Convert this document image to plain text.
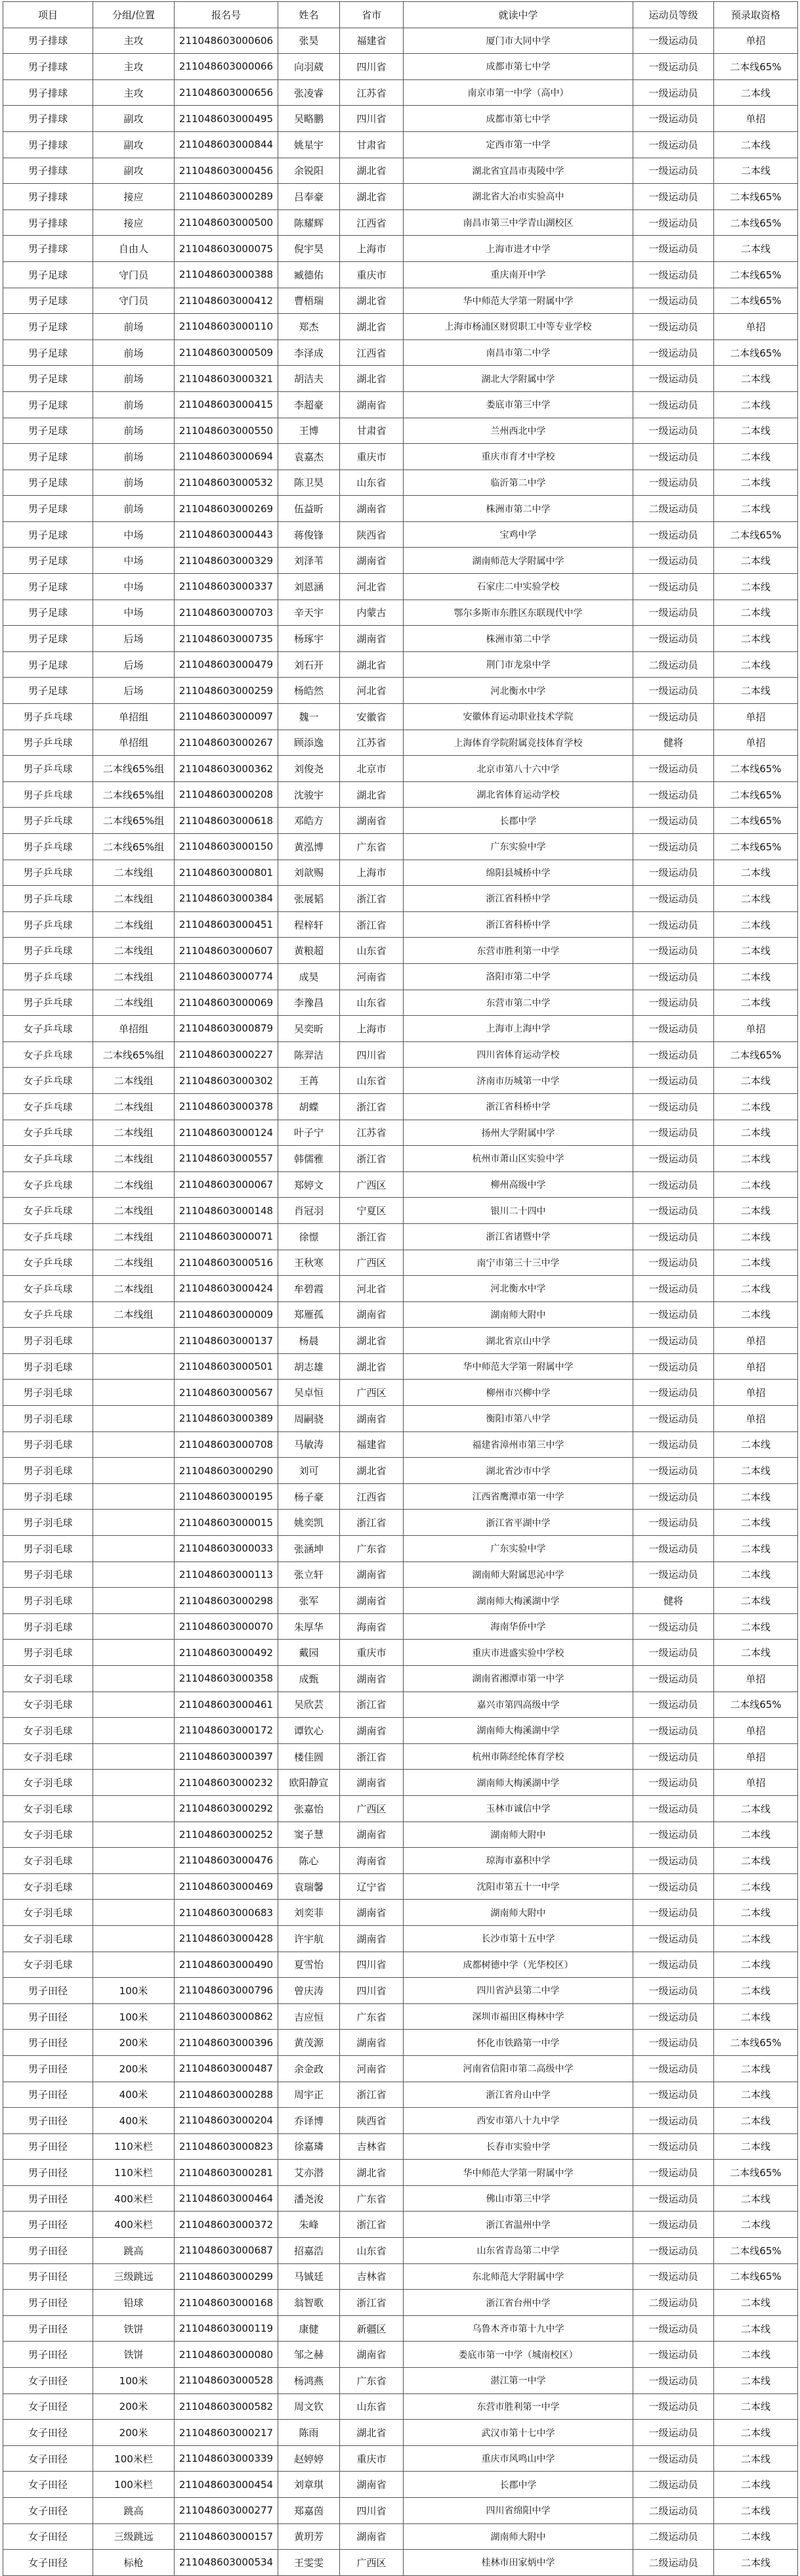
项目	分组/位置	报名号	姓名	省市	就读中学	运动员等级	预录取资格
男子排球	主攻	211048603000606	张昊	福建省	厦门市大同中学	一级运动员	单招
男子排球	主攻	211048603000066	向羽葳	四川省	成都市第七中学	一级运动员	二本线65%
男子排球	主攻	211048603000656	张凌睿	江苏省	南京市第一中学（高中）	一级运动员	二本线
男子排球	副攻	211048603000495	吴略鹏	四川省	成都市第七中学	一级运动员	单招
男子排球	副攻	211048603000844	姚星宇	甘肃省	定西市第一中学	一级运动员	二本线
男子排球	副攻	211048603000456	余锐阳	湖北省	湖北省宜昌市夷陵中学	一级运动员	二本线
男子排球	接应	211048603000289	吕奉豪	湖北省	湖北省大冶市实验高中	一级运动员	二本线65%
男子排球	接应	211048603000500	陈耀辉	江西省	南昌市第三中学青山湖校区	一级运动员	二本线65%
男子排球	自由人	211048603000075	倪宇昊	上海市	上海市进才中学	一级运动员	二本线
男子足球	守门员	211048603000388	臧德佑	重庆市	重庆南开中学	一级运动员	二本线65%
男子足球	守门员	211048603000412	曹梧瑞	湖北省	华中师范大学第一附属中学	一级运动员	二本线65%
男子足球	前场	211048603000110	郑杰	湖北省	上海市杨浦区财贸职工中等专业学校	一级运动员	单招
男子足球	前场	211048603000509	李泽成	江西省	南昌市第二中学	一级运动员	二本线65%
男子足球	前场	211048603000321	胡洁夫	湖北省	湖北大学附属中学	一级运动员	二本线
男子足球	前场	211048603000415	李超豪	湖南省	娄底市第三中学	一级运动员	二本线
男子足球	前场	211048603000550	王博	甘肃省	兰州西北中学	一级运动员	二本线
男子足球	前场	211048603000694	袁嘉杰	重庆市	重庆市育才中学校	一级运动员	二本线
男子足球	前场	211048603000532	陈卫昊	山东省	临沂第二中学	一级运动员	二本线
男子足球	前场	211048603000269	伍益昕	湖南省	株洲市第二中学	二级运动员	二本线
男子足球	中场	211048603000443	蒋俊锋	陕西省	宝鸡中学	一级运动员	二本线65%
男子足球	中场	211048603000329	刘泽苇	湖南省	湖南师范大学附属中学	一级运动员	二本线
男子足球	中场	211048603000337	刘恩涵	河北省	石家庄二中实验学校	一级运动员	二本线
男子足球	中场	211048603000703	辛天宇	内蒙古	鄂尔多斯市东胜区东联现代中学	一级运动员	二本线
男子足球	后场	211048603000735	杨琢宇	湖南省	株洲市第二中学	一级运动员	二本线
男子足球	后场	211048603000479	刘石开	湖北省	荆门市龙泉中学	二级运动员	二本线
男子足球	后场	211048603000259	杨皓然	河北省	河北衡水中学	一级运动员	二本线
男子乒乓球	单招组	211048603000097	魏一	安徽省	安徽体育运动职业技术学院	一级运动员	单招
男子乒乓球	单招组	211048603000267	顾添逸	江苏省	上海体育学院附属竞技体育学校	健将	单招
男子乒乓球	二本线65%组	211048603000362	刘俊尧	北京市	北京市第八十六中学	一级运动员	二本线65%
男子乒乓球	二本线65%组	211048603000208	沈骏宇	湖北省	湖北省体育运动学校	一级运动员	二本线65%
男子乒乓球	二本线65%组	211048603000618	邓皓方	湖南省	长郡中学	一级运动员	二本线65%
男子乒乓球	二本线65%组	211048603000150	黄泓博	广东省	广东实验中学	一级运动员	二本线65%
男子乒乓球	二本线组	211048603000801	刘歆赐	上海市	绵阳县城桥中学	一级运动员	二本线
男子乒乓球	二本线组	211048603000384	张展韬	浙江省	浙江省科桥中学	一级运动员	二本线
男子乒乓球	二本线组	211048603000451	程梓轩	浙江省	浙江省科桥中学	一级运动员	二本线
男子乒乓球	二本线组	211048603000607	黄粮超	山东省	东营市胜利第一中学	一级运动员	二本线
男子乒乓球	二本线组	211048603000774	成昊	河南省	洛阳市第二中学	一级运动员	二本线
男子乒乓球	二本线组	211048603000069	李豫昌	山东省	东营市第二中学	一级运动员	二本线
女子乒乓球	单招组	211048603000879	吴奕昕	上海市	上海市上海中学	一级运动员	单招
女子乒乓球	二本线65%组	211048603000227	陈羿洁	四川省	四川省体育运动学校	一级运动员	二本线65%
女子乒乓球	二本线组	211048603000302	王苒	山东省	济南市历城第一中学	一级运动员	二本线
女子乒乓球	二本线组	211048603000378	胡蝶	浙江省	浙江省科桥中学	一级运动员	二本线
女子乒乓球	二本线组	211048603000124	叶子宁	江苏省	扬州大学附属中学	一级运动员	二本线
女子乒乓球	二本线组	211048603000557	韩儒雅	浙江省	杭州市萧山区实验中学	一级运动员	二本线
女子乒乓球	二本线组	211048603000067	郑婷文	广西区	柳州高级中学	一级运动员	二本线
女子乒乓球	二本线组	211048603000148	肖冠羽	宁夏区	银川二十四中	一级运动员	二本线
女子乒乓球	二本线组	211048603000071	徐憬	浙江省	浙江省诸暨中学	一级运动员	二本线
女子乒乓球	二本线组	211048603000516	王秋寒	广西区	南宁市第三十三中学	一级运动员	二本线
女子乒乓球	二本线组	211048603000424	牟碧霞	河北省	河北衡水中学	一级运动员	二本线
女子乒乓球	二本线组	211048603000009	郑雁孤	湖南省	湖南师大附中	一级运动员	二本线
男子羽毛球		211048603000137	杨晨	湖北省	湖北省京山中学	一级运动员	单招
男子羽毛球		211048603000501	胡志雄	湖北省	华中师范大学第一附属中学	一级运动员	单招
男子羽毛球		211048603000567	吴卓恒	广西区	柳州市兴柳中学	一级运动员	单招
男子羽毛球		211048603000389	周嗣骁	湖南省	衡阳市第八中学	一级运动员	单招
男子羽毛球		211048603000708	马敏涛	福建省	福建省漳州市第三中学	一级运动员	二本线
男子羽毛球		211048603000290	刘可	湖北省	湖北省沙市中学	一级运动员	二本线
男子羽毛球		211048603000195	杨子豪	江西省	江西省鹰潭市第一中学	一级运动员	二本线
男子羽毛球		211048603000015	姚奕凯	浙江省	浙江省平湖中学	一级运动员	二本线
男子羽毛球		211048603000033	张涵坤	广东省	广东实验中学	一级运动员	二本线
男子羽毛球		211048603000113	张立轩	湖南省	湖南师大附属思沁中学	一级运动员	二本线
男子羽毛球		211048603000298	张军	湖南省	湖南师大梅溪湖中学	健将	二本线
男子羽毛球		211048603000070	朱厚华	海南省	海南华侨中学	一级运动员	二本线
男子羽毛球		211048603000492	戴园	重庆市	重庆市进盛实验中学校	一级运动员	二本线
女子羽毛球		211048603000358	成甄	湖南省	湖南省湘潭市第一中学	一级运动员	单招
女子羽毛球		211048603000461	吴欣芸	浙江省	嘉兴市第四高级中学	一级运动员	二本线65%
女子羽毛球		211048603000172	谭钦心	湖南省	湖南师大梅溪湖中学	一级运动员	单招
女子羽毛球		211048603000397	楼佳圆	浙江省	杭州市陈经纶体育学校	一级运动员	单招
女子羽毛球		211048603000232	欧阳静宣	湖南省	湖南师大梅溪湖中学	一级运动员	单招
女子羽毛球		211048603000292	张嘉怡	广西区	玉林市诚信中学	一级运动员	二本线
女子羽毛球		211048603000252	窦子慧	湖南省	湖南师大附中	一级运动员	二本线
女子羽毛球		211048603000476	陈心	海南省	琼海市嘉积中学	一级运动员	二本线
女子羽毛球		211048603000469	袁瑞馨	辽宁省	沈阳市第五十一中学	一级运动员	二本线
女子羽毛球		211048603000683	刘奕菲	湖南省	湖南师大附中	一级运动员	二本线
女子羽毛球		211048603000428	许宇航	湖南省	长沙市第十五中学	一级运动员	二本线
女子羽毛球		211048603000490	夏雪怡	四川省	成都树德中学（光华校区）	一级运动员	二本线
男子田径	100米	211048603000796	曾庆涛	四川省	四川省泸县第二中学	一级运动员	二本线
男子田径	100米	211048603000862	吉应恒	广东省	深圳市福田区梅林中学	一级运动员	二本线
男子田径	200米	211048603000396	黄茂源	湖南省	怀化市铁路第一中学	一级运动员	二本线65%
男子田径	200米	211048603000487	余金政	河南省	河南省信阳市第二高级中学	一级运动员	二本线
男子田径	400米	211048603000288	周宇正	浙江省	浙江省舟山中学	一级运动员	二本线
男子田径	400米	211048603000204	乔译博	陕西省	西安市第八十九中学	一级运动员	二本线
男子田径	110米栏	211048603000823	徐嘉璘	吉林省	长春市实验中学	一级运动员	二本线
男子田径	110米栏	211048603000281	艾亦潜	湖北省	华中师范大学第一附属中学	一级运动员	二本线65%
男子田径	400米栏	211048603000464	潘尧浚	广东省	佛山市第三中学	一级运动员	二本线
男子田径	400米栏	211048603000372	朱峰	浙江省	浙江省温州中学	一级运动员	二本线
男子田径	跳高	211048603000687	招嘉浩	山东省	山东省青岛第二中学	一级运动员	二本线65%
男子田径	三级跳远	211048603000299	马铖廷	吉林省	东北师范大学附属中学	一级运动员	二本线65%
男子田径	铅球	211048603000168	翁智歌	浙江省	浙江省台州中学	二级运动员	二本线
男子田径	铁饼	211048603000119	康健	新疆区	乌鲁木齐市第十九中学	一级运动员	二本线
男子田径	铁饼	211048603000080	邹之赫	湖南省	娄底市第一中学（城南校区）	一级运动员	二本线
女子田径	100米	211048603000528	杨鸿燕	广东省	湛江第一中学	一级运动员	二本线
女子田径	200米	211048603000582	周文钦	山东省	东营市胜利第一中学	一级运动员	二本线
女子田径	200米	211048603000217	陈雨	湖北省	武汉市第十七中学	一级运动员	二本线
女子田径	100米栏	211048603000339	赵婷婷	重庆市	重庆市风鸣山中学	一级运动员	二本线
女子田径	100米栏	211048603000454	刘章琪	湖南省	长郡中学	二级运动员	二本线
女子田径	跳高	211048603000277	郑嘉茵	四川省	四川省绵阳中学	二级运动员	二本线
女子田径	三级跳远	211048603000157	黄玥芳	湖南省	湖南师大附中	二级运动员	二本线
女子田径	标枪	211048603000534	王雯雯	广西区	桂林市田家炳中学	二级运动员	二本线
